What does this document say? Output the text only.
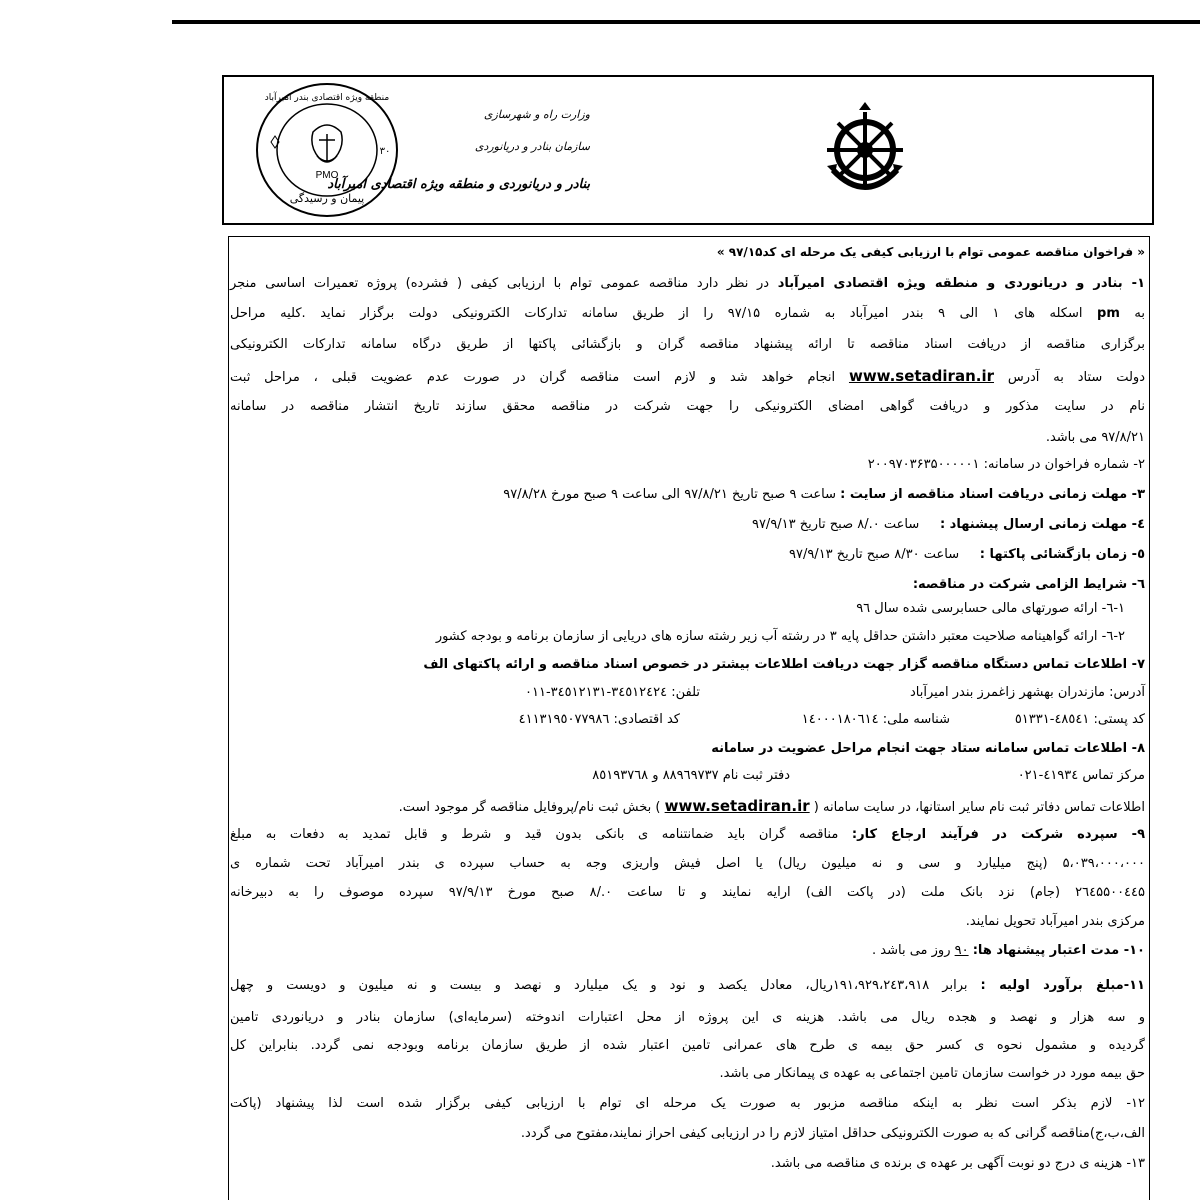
PMO
پیمان و رسیدگی
منطقه ویژه اقتصادی بندر امیرآباد
۳۰
وزارت راه و شهرسازی
سازمان بنادر و دریانوردی
بنادر و دریانوردی و منطقه ویژه اقتصادی امیرآباد
« فراخوان مناقصه عمومی توام با ارزیابی کیفی یک مرحله ای کد۹۷/۱۵ »
۱- بنادر و دریانوردی و منطقه ویژه اقتصادی امیرآباد در نظر دارد مناقصه عمومی توام با ارزیابی کیفی ( فشرده) پروژه تعمیرات اساسی منجر
به pm اسکله های ۱ الی ۹ بندر امیرآباد به شماره ۹۷/۱۵ را از طریق سامانه تدارکات الکترونیکی دولت برگزار نماید .کلیه مراحل
برگزاری مناقصه از دریافت اسناد مناقصه تا ارائه پیشنهاد مناقصه گران و بازگشائی پاکتها از طریق درگاه سامانه تدارکات الکترونیکی
دولت ستاد به آدرس www.setadiran.ir انجام خواهد شد و لازم است مناقصه گران در صورت عدم عضویت قبلی ، مراحل ثبت
نام در سایت مذکور و دریافت گواهی امضای الکترونیکی را جهت شرکت در مناقصه محقق سازند تاریخ انتشار مناقصه در سامانه
۹۷/۸/۲۱ می باشد.
۲- شماره فراخوان در سامانه: ۲۰۰۹۷۰۳۶۳۵۰۰۰۰۰۱
۳- مهلت زمانی دریافت اسناد مناقصه از سایت : ساعت ۹ صبح تاریخ ۹۷/۸/۲۱ الی ساعت ۹ صبح مورخ ۹۷/۸/۲۸
٤- مهلت زمانی ارسال پیشنهاد :     ساعت ۰./۸ صبح تاریخ ۹۷/۹/۱۳
٥- زمان بازگشائی پاکتها :     ساعت ۸/۳۰ صبح تاریخ ۹۷/۹/۱۳
٦- شرایط الزامی شرکت در مناقصه:
۱-٦- ارائه صورتهای مالی حسابرسی شده سال ۹٦
۲-٦- ارائه گواهینامه صلاحیت معتبر داشتن حداقل پایه ۳ در رشته آب زیر رشته سازه های دریایی از سازمان برنامه و بودجه کشور
۷- اطلاعات تماس دستگاه مناقصه گزار جهت دریافت اطلاعات بیشتر در خصوص اسناد مناقصه و ارائه پاکتهای الف
آدرس: مازندران بهشهر زاغمرز بندر امیرآباد
تلفن: ۳٤٥۱۲٤۲٤-۳٤٥۱۲۱۳۱-۰۱۱
کد پستی: ٤٨٥٤١-٥١٣٣١
شناسه ملی: ۱٤۰۰۰۱۸۰٦۱٤
کد اقتصادی: ٤١١٣١٩٥٠٧٧٩٨٦
۸- اطلاعات تماس سامانه ستاد جهت انجام مراحل عضویت در سامانه
مرکز تماس ٤۱۹۳٤-۰۲۱
دفتر ثبت نام ۸۸۹٦۹۷۳۷ و ۸٥۱۹۳۷٦۸
اطلاعات تماس دفاتر ثبت نام سایر استانها، در سایت سامانه ( www.setadiran.ir ) بخش ثبت نام/پروفایل مناقصه گر موجود است.
۹- سپرده شرکت در فرآیند ارجاع کار: مناقصه گران باید ضمانتنامه ی بانکی بدون قید و شرط و قابل تمدید به دفعات به مبلغ
۵،۰۳۹،۰۰۰،۰۰۰ (پنج میلیارد و سی و نه میلیون ریال) یا اصل فیش واریزی وجه به حساب سپرده ی بندر امیرآباد تحت شماره ی
۲٦٤۵۵۰۰٤٤۵ (جام) نزد بانک ملت (در پاکت الف) ارایه نمایند و تا ساعت ۰./۸ صبح مورخ ۹۷/۹/۱۳ سپرده موصوف را به دبیرخانه
مرکزی بندر امیرآباد تحویل نمایند.
۱۰- مدت اعتبار پیشنهاد ها: ۹۰ روز می باشد .
۱۱-مبلغ برآورد اولیه : برابر ۱۹۱،۹۲۹،۲٤۳،۹۱۸ریال، معادل یکصد و نود و یک میلیارد و نهصد و بیست و نه میلیون و دویست و چهل
و سه هزار و نهصد و هجده ریال می باشد. هزینه ی این پروژه از محل اعتبارات اندوخته (سرمایه‌ای) سازمان بنادر و دریانوردی تامین
گردیده و مشمول نحوه ی کسر حق بیمه ی طرح های عمرانی تامین اعتبار شده از طریق سازمان برنامه وبودجه نمی گردد. بنابراین کل
حق بیمه مورد در خواست سازمان تامین اجتماعی به عهده ی پیمانکار می باشد.
۱۲- لازم بذکر است نظر به اینکه مناقصه مزبور به صورت یک مرحله ای توام با ارزیابی کیفی برگزار شده است لذا پیشنهاد (پاکت
الف،ب،ج)مناقصه گرانی که به صورت الکترونیکی حداقل امتیاز لازم را در ارزیابی کیفی احراز نمایند،مفتوح می گردد.
۱۳- هزینه ی درج دو نوبت آگهی بر عهده ی برنده ی مناقصه می باشد.
